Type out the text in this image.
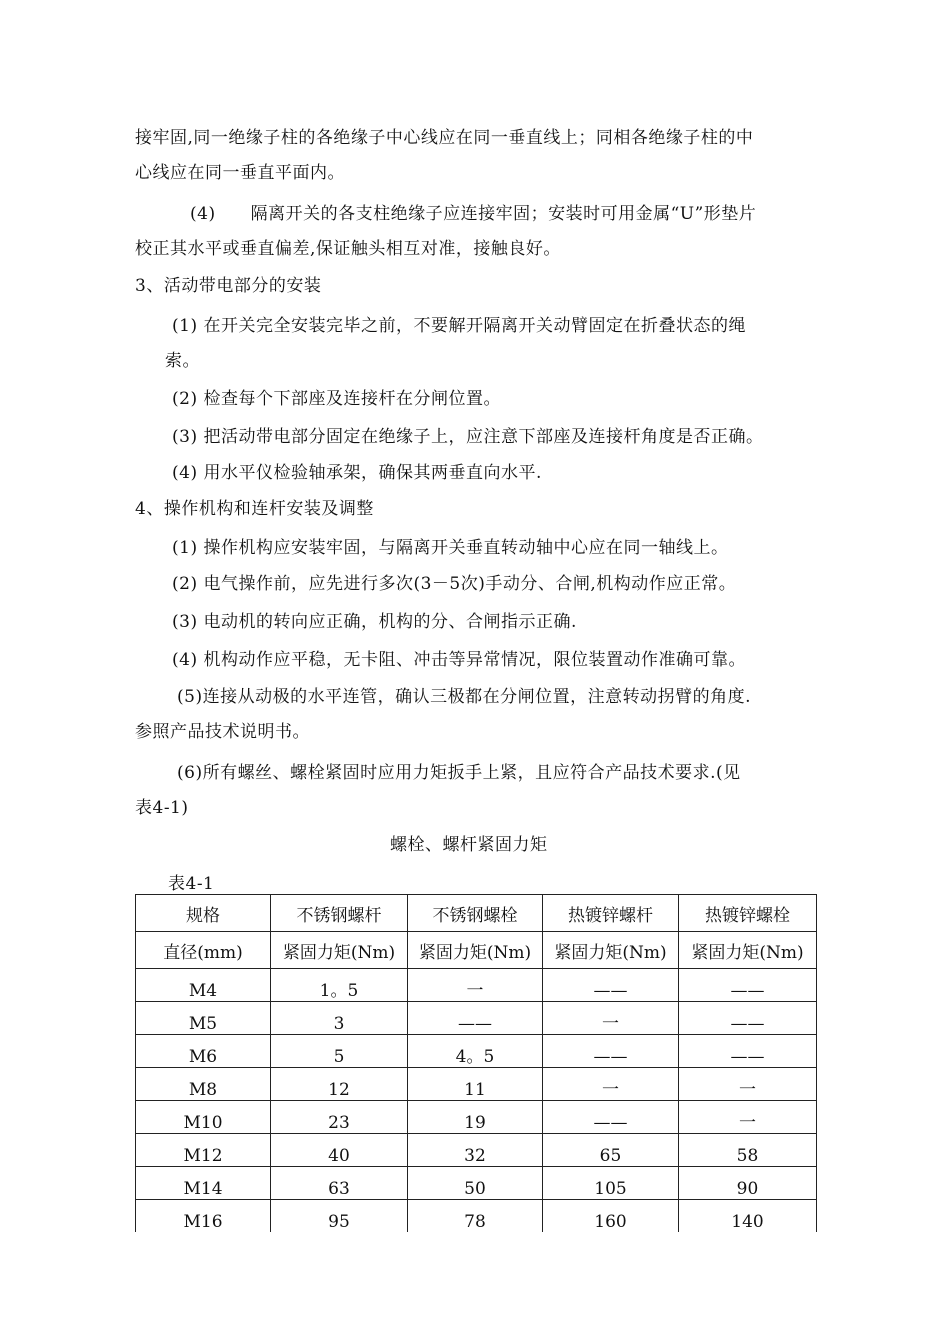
接牢固,同一绝缘子柱的各绝缘子中心线应在同一垂直线上；同相各绝缘子柱的中
心线应在同一垂直平面内。
(4)　　隔离开关的各支柱绝缘子应连接牢固；安装时可用金属“U”形垫片
校正其水平或垂直偏差,保证触头相互对准，接触良好。
3、活动带电部分的安装
(1) 在开关完全安装完毕之前，不要解开隔离开关动臂固定在折叠状态的绳
索。
(2) 检查每个下部座及连接杆在分闸位置。
(3) 把活动带电部分固定在绝缘子上，应注意下部座及连接杆角度是否正确。
(4) 用水平仪检验轴承架，确保其两垂直向水平.
4、操作机构和连杆安装及调整
(1) 操作机构应安装牢固，与隔离开关垂直转动轴中心应在同一轴线上。
(2) 电气操作前，应先进行多次(3－5次)手动分、合闸,机构动作应正常。
(3) 电动机的转向应正确，机构的分、合闸指示正确.
(4) 机构动作应平稳，无卡阻、冲击等异常情况，限位装置动作准确可靠。
(5)连接从动极的水平连管，确认三极都在分闸位置，注意转动拐臂的角度.
参照产品技术说明书。
(6)所有螺丝、螺栓紧固时应用力矩扳手上紧，且应符合产品技术要求.(见
表4-1)
螺栓、螺杆紧固力矩
表4-1
规格	不锈钢螺杆	不锈钢螺栓	热镀锌螺杆	热镀锌螺栓
直径(mm)	紧固力矩(Nm)	紧固力矩(Nm)	紧固力矩(Nm)	紧固力矩(Nm)
M4	1。5	一	——	——
M5	3	——	一	——
M6	5	4。5	——	——
M8	12	11	一	一
M10	23	19	——	一
M12	40	32	65	58
M14	63	50	105	90
M16	95	78	160	140
